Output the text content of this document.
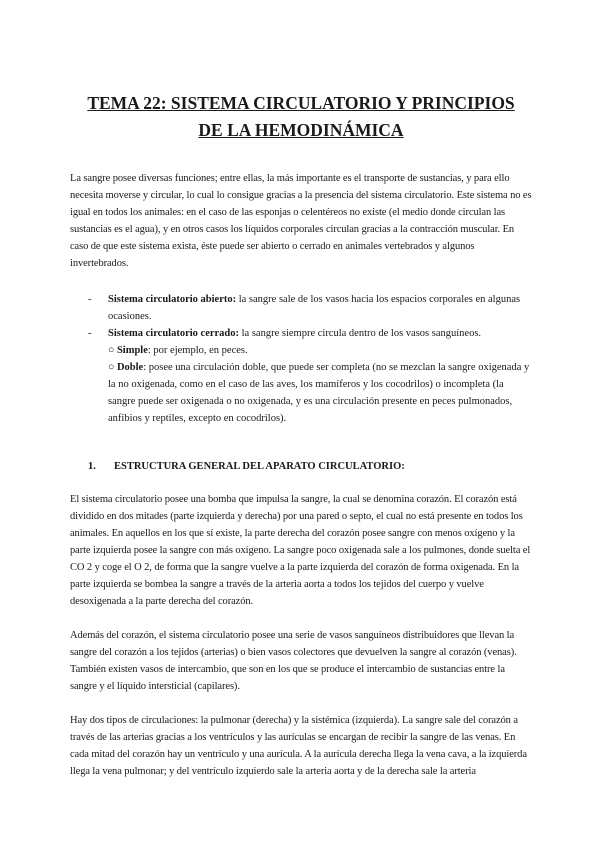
TEMA 22: SISTEMA CIRCULATORIO Y PRINCIPIOS
DE LA HEMODINÁMICA

La sangre posee diversas funciones; entre ellas, la más importante es el transporte de sustancias, y para ello necesita moverse y circular, lo cual lo consigue gracias a la presencia del sistema circulatorio. Este sistema no es igual en todos los animales: en el caso de las esponjas o celentéreos no existe (el medio donde circulan las sustancias es el agua), y en otros casos los líquidos corporales circulan gracias a la contracción muscular. En caso de que este sistema exista, éste puede ser abierto o cerrado en animales vertebrados y algunos invertebrados.

- Sistema circulatorio abierto: la sangre sale de los vasos hacia los espacios corporales en algunas ocasiones.
- Sistema circulatorio cerrado: la sangre siempre circula dentro de los vasos sanguíneos.
○ Simple: por ejemplo, en peces.
○ Doble: posee una circulación doble, que puede ser completa (no se mezclan la sangre oxigenada y la no oxigenada, como en el caso de las aves, los mamíferos y los cocodrilos) o incompleta (la sangre puede ser oxigenada o no oxigenada, y es una circulación presente en peces pulmonados, anfibios y reptiles, excepto en cocodrilos).
1. ESTRUCTURA GENERAL DEL APARATO CIRCULATORIO:

El sistema circulatorio posee una bomba que impulsa la sangre, la cual se denomina corazón. El corazón está dividido en dos mitades (parte izquierda y derecha) por una pared o septo, el cual no está presente en todos los animales. En aquellos en los que sí existe, la parte derecha del corazón posee sangre con menos oxígeno y la parte izquierda posee la sangre con más oxígeno. La sangre poco oxigenada sale a los pulmones, donde suelta el CO 2 y coge el O 2, de forma que la sangre vuelve a la parte izquierda del corazón de forma oxigenada. En la parte izquierda se bombea la sangre a través de la arteria aorta a todos los tejidos del cuerpo y vuelve desoxigenada a la parte derecha del corazón.

Además del corazón, el sistema circulatorio posee una serie de vasos sanguíneos distribuidores que llevan la sangre del corazón a los tejidos (arterias) o bien vasos colectores que devuelven la sangre al corazón (venas). También existen vasos de intercambio, que son en los que se produce el intercambio de sustancias entre la sangre y el líquido intersticial (capilares).

Hay dos tipos de circulaciones: la pulmonar (derecha) y la sistémica (izquierda). La sangre sale del corazón a través de las arterias gracias a los ventrículos y las aurículas se encargan de recibir la sangre de las venas. En cada mitad del corazón hay un ventrículo y una aurícula. A la aurícula derecha llega la vena cava, a la izquierda llega la vena pulmonar; y del ventrículo izquierdo sale la arteria aorta y de la derecha sale la arteria
